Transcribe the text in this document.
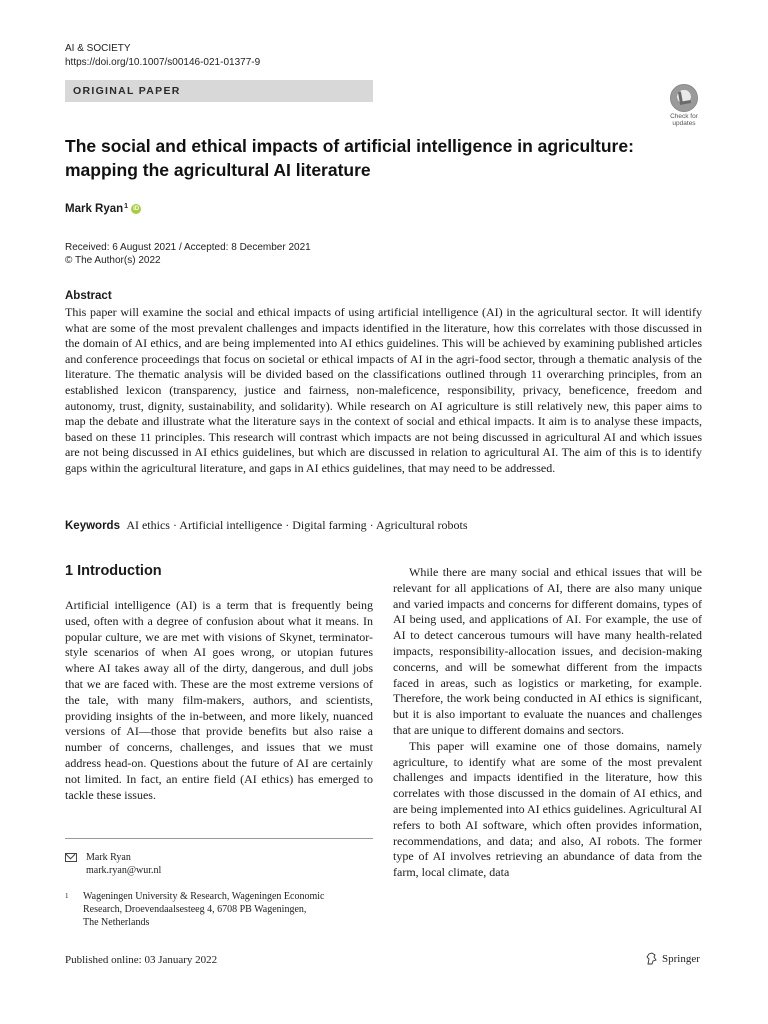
AI & SOCIETY
https://doi.org/10.1007/s00146-021-01377-9
ORIGINAL PAPER
Check for
updates
The social and ethical impacts of artificial intelligence in agriculture:
mapping the agricultural AI literature
Mark Ryan$^1$ iD
Received: 6 August 2021 / Accepted: 8 December 2021
© The Author(s) 2022
Abstract
This paper will examine the social and ethical impacts of using artificial intelligence (AI) in the agricultural sector. It will identify what are some of the most prevalent challenges and impacts identified in the literature, how this correlates with those discussed in the domain of AI ethics, and are being implemented into AI ethics guidelines. This will be achieved by examining published articles and conference proceedings that focus on societal or ethical impacts of AI in the agri-food sector, through a thematic analysis of the literature. The thematic analysis will be divided based on the classifications outlined through 11 overarching principles, from an established lexicon (transparency, justice and fairness, non-maleficence, responsibility, privacy, beneficence, freedom and autonomy, trust, dignity, sustainability, and solidarity). While research on AI agriculture is still relatively new, this paper aims to map the debate and illustrate what the literature says in the context of social and ethical impacts. It aim is to analyse these impacts, based on these 11 principles. This research will contrast which impacts are not being discussed in agricultural AI and which issues are not being discussed in AI ethics guidelines, but which are discussed in relation to agricultural AI. The aim of this is to identify gaps within the agricultural literature, and gaps in AI ethics guidelines, that may need to be addressed.
Keywords AI ethics · Artificial intelligence · Digital farming · Agricultural robots
1 Introduction

Artificial intelligence (AI) is a term that is frequently being used, often with a degree of confusion about what it means. In popular culture, we are met with visions of Skynet, terminator-style scenarios of when AI goes wrong, or utopian futures where AI takes away all of the dirty, dangerous, and dull jobs that we are faced with. These are the most extreme versions of the tale, with many film-makers, authors, and scientists, providing insights of the in-between, and more likely, nuanced versions of AI—those that provide benefits but also raise a number of concerns, challenges, and issues that we must address head-on. Questions about the future of AI are certainly not limited. In fact, an entire field (AI ethics) has emerged to tackle these issues.

While there are many social and ethical issues that will be relevant for all applications of AI, there are also many unique and varied impacts and concerns for different domains, types of AI being used, and applications of AI. For example, the use of AI to detect cancerous tumours will have many health-related impacts, responsibility-allocation issues, and decision-making concerns, and will be somewhat different from the impacts faced in areas, such as logistics or marketing, for example. Therefore, the work being conducted in AI ethics is significant, but it is also important to evaluate the nuances and challenges that are unique to different domains and sectors.

This paper will examine one of those domains, namely agriculture, to identify what are some of the most prevalent challenges and impacts identified in the literature, how this correlates with those discussed in the domain of AI ethics, and are being implemented into AI ethics guidelines. Agricultural AI refers to both AI software, which often provides information, recommendations, and data; and also, AI robots. The former type of AI involves retrieving an abundance of data from the farm, local climate, data

Mark Ryan
mark.ryan@wur.nl
1	Wageningen University & Research, Wageningen Economic
Research, Droevendaalsesteeg 4, 6708 PB Wageningen,
The Netherlands
Published online: 03 January 2022	Springer
